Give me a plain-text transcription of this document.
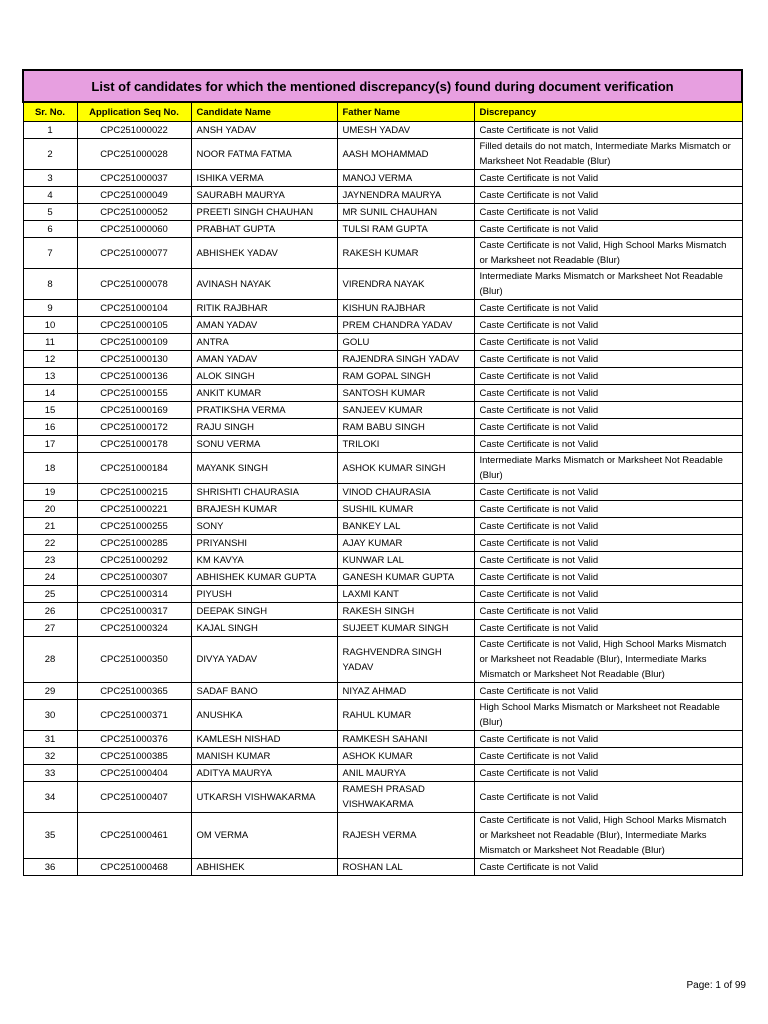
List of candidates for which the mentioned discrepancy(s) found during document verification				
Sr. No.	Application Seq No.	Candidate Name	Father Name	Discrepancy
1	CPC251000022	ANSH YADAV	UMESH YADAV	Caste Certificate is not Valid
2	CPC251000028	NOOR FATMA FATMA	AASH MOHAMMAD	Filled details do not match, Intermediate Marks Mismatch or Marksheet Not Readable (Blur)
3	CPC251000037	ISHIKA VERMA	MANOJ VERMA	Caste Certificate is not Valid
4	CPC251000049	SAURABH MAURYA	JAYNENDRA MAURYA	Caste Certificate is not Valid
5	CPC251000052	PREETI SINGH CHAUHAN	MR SUNIL CHAUHAN	Caste Certificate is not Valid
6	CPC251000060	PRABHAT GUPTA	TULSI RAM GUPTA	Caste Certificate is not Valid
7	CPC251000077	ABHISHEK YADAV	RAKESH KUMAR	Caste Certificate is not Valid, High School Marks Mismatch or Marksheet not Readable (Blur)
8	CPC251000078	AVINASH NAYAK	VIRENDRA NAYAK	Intermediate Marks Mismatch or Marksheet Not Readable (Blur)
9	CPC251000104	RITIK RAJBHAR	KISHUN RAJBHAR	Caste Certificate is not Valid
10	CPC251000105	AMAN YADAV	PREM CHANDRA YADAV	Caste Certificate is not Valid
11	CPC251000109	ANTRA	GOLU	Caste Certificate is not Valid
12	CPC251000130	AMAN YADAV	RAJENDRA SINGH YADAV	Caste Certificate is not Valid
13	CPC251000136	ALOK SINGH	RAM GOPAL SINGH	Caste Certificate is not Valid
14	CPC251000155	ANKIT KUMAR	SANTOSH KUMAR	Caste Certificate is not Valid
15	CPC251000169	PRATIKSHA VERMA	SANJEEV KUMAR	Caste Certificate is not Valid
16	CPC251000172	RAJU SINGH	RAM BABU SINGH	Caste Certificate is not Valid
17	CPC251000178	SONU VERMA	TRILOKI	Caste Certificate is not Valid
18	CPC251000184	MAYANK SINGH	ASHOK KUMAR SINGH	Intermediate Marks Mismatch or Marksheet Not Readable (Blur)
19	CPC251000215	SHRISHTI CHAURASIA	VINOD CHAURASIA	Caste Certificate is not Valid
20	CPC251000221	BRAJESH KUMAR	SUSHIL KUMAR	Caste Certificate is not Valid
21	CPC251000255	SONY	BANKEY LAL	Caste Certificate is not Valid
22	CPC251000285	PRIYANSHI	AJAY KUMAR	Caste Certificate is not Valid
23	CPC251000292	KM KAVYA	KUNWAR LAL	Caste Certificate is not Valid
24	CPC251000307	ABHISHEK KUMAR GUPTA	GANESH KUMAR GUPTA	Caste Certificate is not Valid
25	CPC251000314	PIYUSH	LAXMI KANT	Caste Certificate is not Valid
26	CPC251000317	DEEPAK SINGH	RAKESH SINGH	Caste Certificate is not Valid
27	CPC251000324	KAJAL SINGH	SUJEET KUMAR SINGH	Caste Certificate is not Valid
28	CPC251000350	DIVYA YADAV	RAGHVENDRA SINGH YADAV	Caste Certificate is not Valid, High School Marks Mismatch or Marksheet not Readable (Blur), Intermediate Marks Mismatch or Marksheet Not Readable (Blur)
29	CPC251000365	SADAF BANO	NIYAZ AHMAD	Caste Certificate is not Valid
30	CPC251000371	ANUSHKA	RAHUL KUMAR	High School Marks Mismatch or Marksheet not Readable (Blur)
31	CPC251000376	KAMLESH NISHAD	RAMKESH SAHANI	Caste Certificate is not Valid
32	CPC251000385	MANISH KUMAR	ASHOK KUMAR	Caste Certificate is not Valid
33	CPC251000404	ADITYA MAURYA	ANIL MAURYA	Caste Certificate is not Valid
34	CPC251000407	UTKARSH VISHWAKARMA	RAMESH PRASAD VISHWAKARMA	Caste Certificate is not Valid
35	CPC251000461	OM VERMA	RAJESH VERMA	Caste Certificate is not Valid, High School Marks Mismatch or Marksheet not Readable (Blur), Intermediate Marks Mismatch or Marksheet Not Readable (Blur)
36	CPC251000468	ABHISHEK	ROSHAN LAL	Caste Certificate is not Valid
Page: 1 of 99
